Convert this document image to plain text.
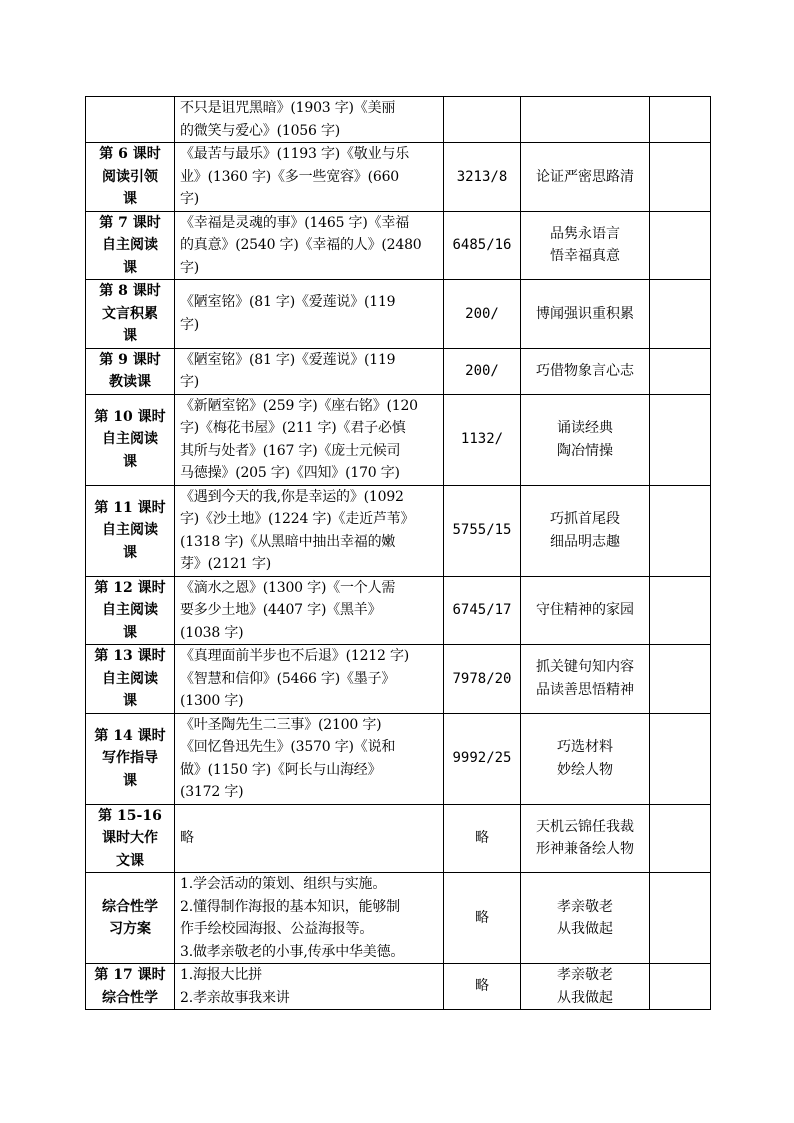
	不只是诅咒黑暗》(1903 字)《美丽
的微笑与爱心》(1056 字)			

第 6 课时
阅读引领
课	《最苦与最乐》(1193 字)《敬业与乐
业》(1360 字)《多一些宽容》(660
字)	3213/8	论证严密思路清	

第 7 课时
自主阅读
课	《幸福是灵魂的事》(1465 字)《幸福
的真意》(2540 字)《幸福的人》(2480
字)	6485/16	品隽永语言
悟幸福真意	

第 8 课时
文言积累
课	《陋室铭》(81 字)《爱莲说》(119
字)	200/	博闻强识重积累	

第 9 课时
教读课	《陋室铭》(81 字)《爱莲说》(119
字)	200/	巧借物象言心志	

第 10 课时
自主阅读
课	《新陋室铭》(259 字)《座右铭》(120
字)《梅花书屋》(211 字)《君子必慎
其所与处者》(167 字)《庞士元候司
马德操》(205 字)《四知》(170 字)	1132/	诵读经典
陶冶情操	

第 11 课时
自主阅读
课	《遇到今天的我,你是幸运的》(1092
字)《沙土地》(1224 字)《走近芦苇》
(1318 字)《从黑暗中抽出幸福的嫩
芽》(2121 字)	5755/15	巧抓首尾段
细品明志趣	

第 12 课时
自主阅读
课	《滴水之恩》(1300 字)《一个人需
要多少土地》(4407 字)《黑羊》
(1038 字)	6745/17	守住精神的家园	

第 13 课时
自主阅读
课	《真理面前半步也不后退》(1212 字)
《智慧和信仰》(5466 字)《墨子》
(1300 字)	7978/20	抓关键句知内容
品读善思悟精神	

第 14 课时
写作指导
课	《叶圣陶先生二三事》(2100 字)
《回忆鲁迅先生》(3570 字)《说和
做》(1150 字)《阿长与山海经》
(3172 字)	9992/25	巧选材料
妙绘人物	

第 15-16
课时大作
文课	略	略	天机云锦任我裁
形神兼备绘人物	

综合性学
习方案	1.学会活动的策划、组织与实施。
2.懂得制作海报的基本知识，能够制
作手绘校园海报、公益海报等。
3.做孝亲敬老的小事,传承中华美德。	略	孝亲敬老
从我做起	

第 17 课时
综合性学	1.海报大比拼
2.孝亲故事我来讲	略	孝亲敬老
从我做起	
